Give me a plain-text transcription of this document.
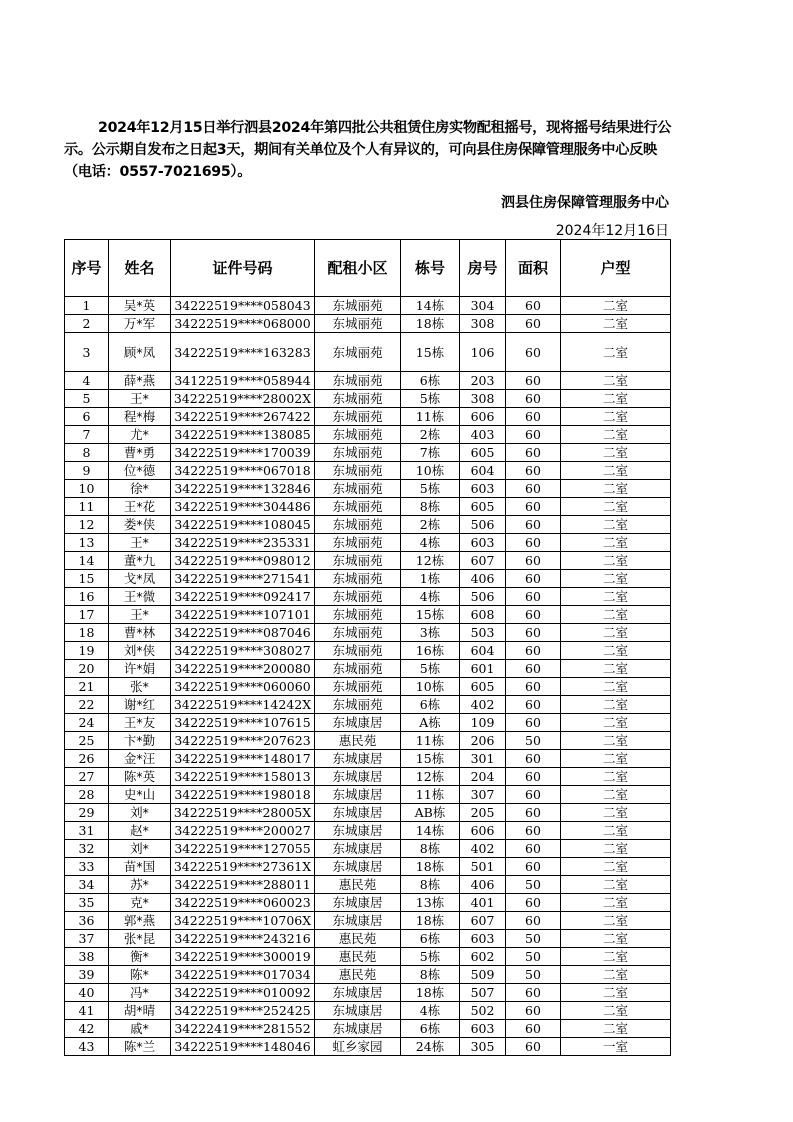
2024年12月15日举行泗县2024年第四批公共租赁住房实物配租摇号，现将摇号结果进行公示。公示期自发布之日起3天，期间有关单位及个人有异议的，可向县住房保障管理服务中心反映（电话：0557-7021695）。

泗县住房保障管理服务中心
2024年12月16日
序号	姓名	证件号码	配租小区	栋号	房号	面积	户型
1	吴*英	34222519****058043	东城丽苑	14栋	304	60	二室
2	万*军	34222519****068000	东城丽苑	18栋	308	60	二室
3	顾*凤	34222519****163283	东城丽苑	15栋	106	60	二室
4	薛*燕	34122519****058944	东城丽苑	6栋	203	60	二室
5	王*	34222519****28002X	东城丽苑	5栋	308	60	二室
6	程*梅	34222519****267422	东城丽苑	11栋	606	60	二室
7	尤*	34222519****138085	东城丽苑	2栋	403	60	二室
8	曹*勇	34222519****170039	东城丽苑	7栋	605	60	二室
9	位*德	34222519****067018	东城丽苑	10栋	604	60	二室
10	徐*	34222519****132846	东城丽苑	5栋	603	60	二室
11	王*花	34222519****304486	东城丽苑	8栋	605	60	二室
12	娄*侠	34222519****108045	东城丽苑	2栋	506	60	二室
13	王*	34222519****235331	东城丽苑	4栋	603	60	二室
14	董*九	34222519****098012	东城丽苑	12栋	607	60	二室
15	戈*凤	34222519****271541	东城丽苑	1栋	406	60	二室
16	王*微	34222519****092417	东城丽苑	4栋	506	60	二室
17	王*	34222519****107101	东城丽苑	15栋	608	60	二室
18	曹*林	34222519****087046	东城丽苑	3栋	503	60	二室
19	刘*侠	34222519****308027	东城丽苑	16栋	604	60	二室
20	许*娟	34222519****200080	东城丽苑	5栋	601	60	二室
21	张*	34222519****060060	东城丽苑	10栋	605	60	二室
22	谢*红	34222519****14242X	东城丽苑	6栋	402	60	二室
24	王*友	34222519****107615	东城康居	A栋	109	60	二室
25	卞*勤	34222519****207623	惠民苑	11栋	206	50	二室
26	金*汪	34222519****148017	东城康居	15栋	301	60	二室
27	陈*英	34222519****158013	东城康居	12栋	204	60	二室
28	史*山	34222519****198018	东城康居	11栋	307	60	二室
29	刘*	34222519****28005X	东城康居	AB栋	205	60	二室
31	赵*	34222519****200027	东城康居	14栋	606	60	二室
32	刘*	34222519****127055	东城康居	8栋	402	60	二室
33	苗*国	34222519****27361X	东城康居	18栋	501	60	二室
34	苏*	34222519****288011	惠民苑	8栋	406	50	二室
35	克*	34222519****060023	东城康居	13栋	401	60	二室
36	郭*燕	34222519****10706X	东城康居	18栋	607	60	二室
37	张*昆	34222519****243216	惠民苑	6栋	603	50	二室
38	衡*	34222519****300019	惠民苑	5栋	602	50	二室
39	陈*	34222519****017034	惠民苑	8栋	509	50	二室
40	冯*	34222519****010092	东城康居	18栋	507	60	二室
41	胡*晴	34222519****252425	东城康居	4栋	502	60	二室
42	戚*	34222419****281552	东城康居	6栋	603	60	二室
43	陈*兰	34222519****148046	虹乡家园	24栋	305	60	一室
